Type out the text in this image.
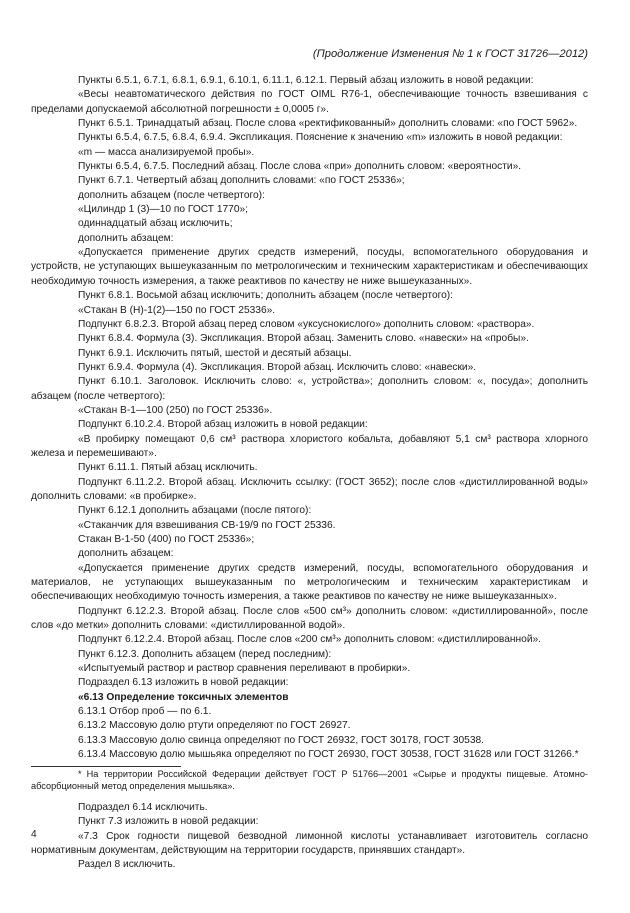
(Продолжение Изменения № 1 к ГОСТ 31726—2012)

Пункты 6.5.1, 6.7.1, 6.8.1, 6.9.1, 6.10.1, 6.11.1, 6.12.1. Первый абзац изложить в новой редакции:

«Весы неавтоматического действия по ГОСТ OIML R76-1, обеспечивающие точность взвешивания с пределами допускаемой абсолютной погрешности ± 0,0005 г».

Пункт 6.5.1. Тринадцатый абзац. После слова «ректификованный» дополнить словами: «по ГОСТ 5962».

Пункты 6.5.4, 6.7.5, 6.8.4, 6.9.4. Экспликация. Пояснение к значению «m» изложить в новой редакции:

«m — масса анализируемой пробы».

Пункты 6.5.4, 6.7.5. Последний абзац. После слова «при» дополнить словом: «вероятности».

Пункт 6.7.1. Четвертый абзац дополнить словами: «по ГОСТ 25336»;

дополнить абзацем (после четвертого):

«Цилиндр 1 (3)—10 по ГОСТ 1770»;

одиннадцатый абзац исключить;

дополнить абзацем:

«Допускается применение других средств измерений, посуды, вспомогательного оборудования и устройств, не уступающих вышеуказанным по метрологическим и техническим характеристикам и обеспечивающих необходимую точность измерения, а также реактивов по качеству не ниже вышеуказанных».

Пункт 6.8.1. Восьмой абзац исключить; дополнить абзацем (после четвертого):

«Стакан В (Н)-1(2)—150 по ГОСТ 25336».

Подпункт 6.8.2.3. Второй абзац перед словом «уксуснокислого» дополнить словом: «раствора».

Пункт 6.8.4. Формула (3). Экспликация. Второй абзац. Заменить слово. «навески» на «пробы».

Пункт 6.9.1. Исключить пятый, шестой и десятый абзацы.

Пункт 6.9.4. Формула (4). Экспликация. Второй абзац. Исключить слово: «навески».

Пункт 6.10.1. Заголовок. Исключить слово: «, устройства»; дополнить словом: «, посуда»; дополнить абзацем (после четвертого):

«Стакан В-1—100 (250) по ГОСТ 25336».

Подпункт 6.10.2.4. Второй абзац изложить в новой редакции:

«В пробирку помещают 0,6 см³ раствора хлористого кобальта, добавляют 5,1 см³ раствора хлорного железа и перемешивают».

Пункт 6.11.1. Пятый абзац исключить.

Подпункт 6.11.2.2. Второй абзац. Исключить ссылку: (ГОСТ 3652); после слов «дистиллированной воды» дополнить словами: «в пробирке».

Пункт 6.12.1 дополнить абзацами (после пятого):

«Стаканчик для взвешивания СВ-19/9 по ГОСТ 25336.

Стакан В-1-50 (400) по ГОСТ 25336»;

дополнить абзацем:

«Допускается применение других средств измерений, посуды, вспомогательного оборудования и материалов, не уступающих вышеуказанным по метрологическим и техническим характеристикам и обеспечивающих необходимую точность измерения, а также реактивов по качеству не ниже вышеуказанных».

Подпункт 6.12.2.3. Второй абзац. После слов «500 см³» дополнить словом: «дистиллированной», после слов «до метки» дополнить словами: «дистиллированной водой».

Подпункт 6.12.2.4. Второй абзац. После слов «200 см³» дополнить словом: «дистиллированной».

Пункт 6.12.3. Дополнить абзацем (перед последним):

«Испытуемый раствор и раствор сравнения переливают в пробирки».

Подраздел 6.13 изложить в новой редакции:

«6.13 Определение токсичных элементов

6.13.1 Отбор проб — по 6.1.

6.13.2 Массовую долю ртути определяют по ГОСТ 26927.

6.13.3 Массовую долю свинца определяют по ГОСТ 26932, ГОСТ 30178, ГОСТ 30538.

6.13.4 Массовую долю мышьяка определяют по ГОСТ 26930, ГОСТ 30538, ГОСТ 31628 или ГОСТ 31266.*

* На территории Российской Федерации действует ГОСТ Р 51766—2001 «Сырье и продукты пищевые. Атомно-абсорбционный метод определения мышьяка».

Подраздел 6.14 исключить.

Пункт 7.3 изложить в новой редакции:

«7.3 Срок годности пищевой безводной лимонной кислоты устанавливает изготовитель согласно нормативным документам, действующим на территории государств, принявших стандарт».

Раздел 8 исключить.

4
